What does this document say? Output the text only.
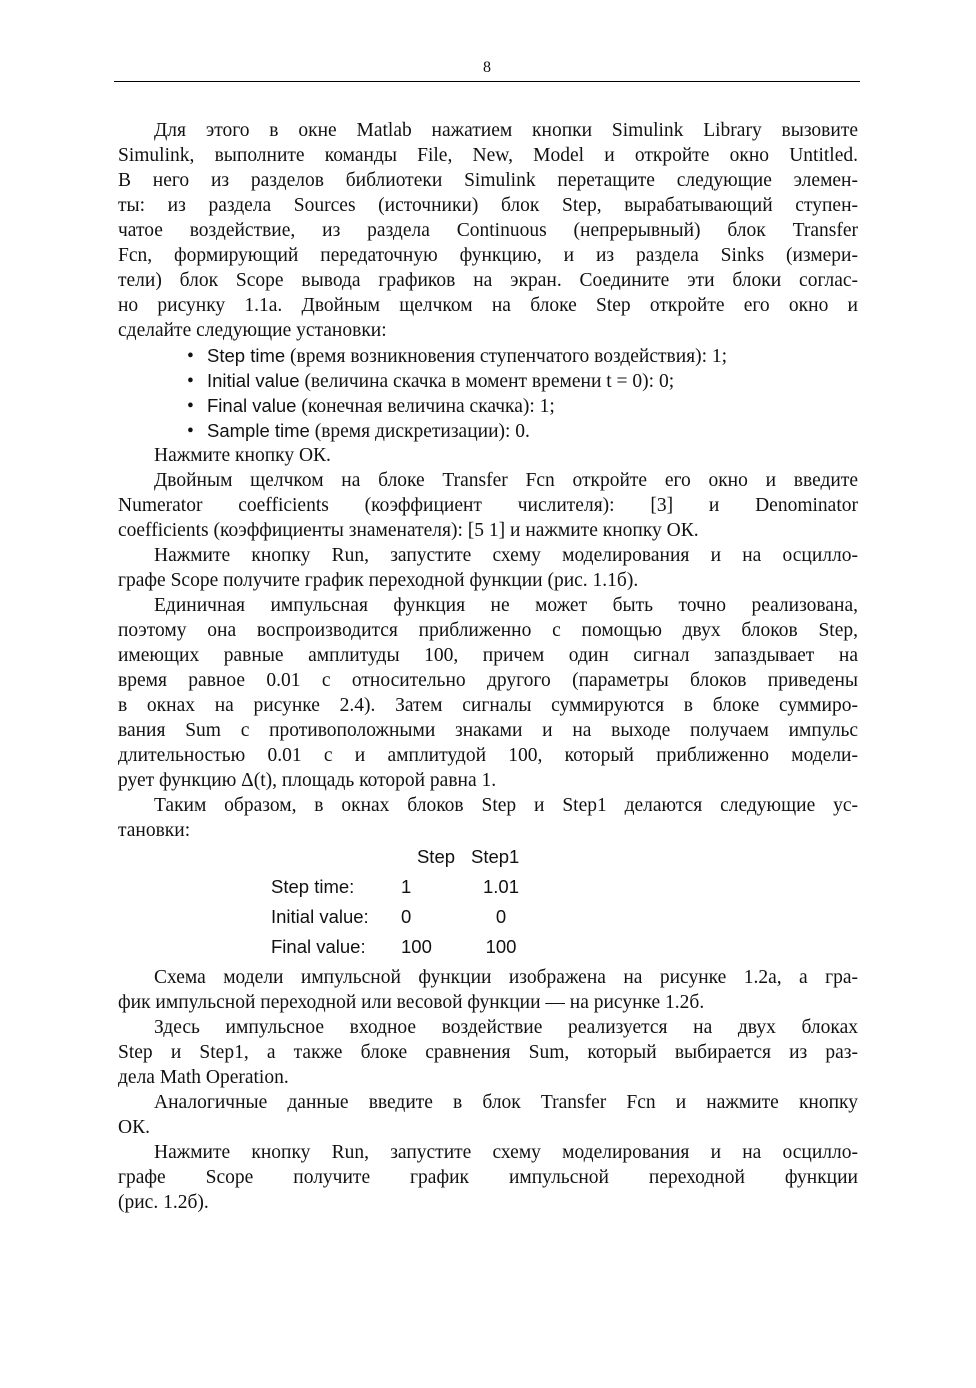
8
Для этого в окне Matlab нажатием кнопки Simulink Library вызовите
Simulink, выполните команды File, New, Model и откройте окно Untitled.
В него из разделов библиотеки Simulink перетащите следующие элемен-
ты: из раздела Sources (источники) блок Step, вырабатывающий ступен-
чатое воздействие, из раздела Continuous (непрерывный) блок Transfer
Fcn, формирующий передаточную функцию, и из раздела Sinks (измери-
тели) блок Scope вывода графиков на экран. Соедините эти блоки соглас-
но рисунку 1.1а. Двойным щелчком на блоке Step откройте его окно и
сделайте следующие установки:
• Step time (время возникновения ступенчатого воздействия): 1;
• Initial value (величина скачка в момент времени t = 0): 0;
• Final value (конечная величина скачка): 1;
• Sample time (время дискретизации): 0.
Нажмите кнопку ОК.
Двойным щелчком на блоке Transfer Fcn откройте его окно и введите
Numerator coefficients (коэффициент числителя): [3] и Denominator
coefficients (коэффициенты знаменателя): [5 1] и нажмите кнопку ОК.
Нажмите кнопку Run, запустите схему моделирования и на осцилло-
графе Scope получите график переходной функции (рис. 1.1б).
Единичная импульсная функция не может быть точно реализована,
поэтому она воспроизводится приближенно с помощью двух блоков Step,
имеющих равные амплитуды 100, причем один сигнал запаздывает на
время равное 0.01 с относительно другого (параметры блоков приведены
в окнах на рисунке 2.4). Затем сигналы суммируются в блоке суммиро-
вания Sum с противоположными знаками и на выходе получаем импульс
длительностью 0.01 с и амплитудой 100, который приближенно модели-
рует функцию Δ(t), площадь которой равна 1.
Таким образом, в окнах блоков Step и Step1 делаются следующие ус-
тановки:
	Step	Step1
Step time:	1	1.01
Initial value:	0	0
Final value:	100	100
Схема модели импульсной функции изображена на рисунке 1.2а, а гра-
фик импульсной переходной или весовой функции — на рисунке 1.2б.
Здесь импульсное входное воздействие реализуется на двух блоках
Step и Step1, а также блоке сравнения Sum, который выбирается из раз-
дела Math Operation.
Аналогичные данные введите в блок Transfer Fcn и нажмите кнопку
ОК.
Нажмите кнопку Run, запустите схему моделирования и на осцилло-
графе Scope получите график импульсной переходной функции
(рис. 1.2б).
